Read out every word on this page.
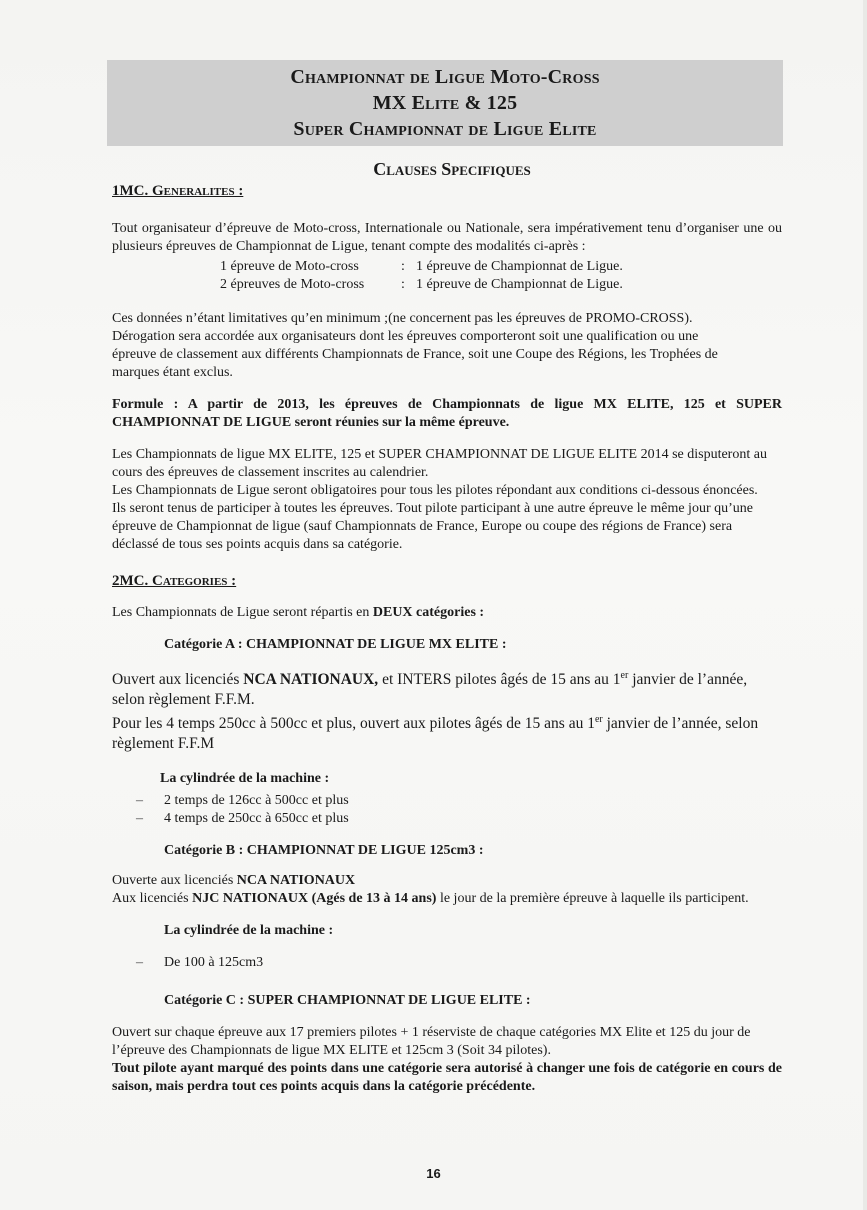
Championnat de Ligue Moto-Cross
MX Elite & 125
Super Championnat de Ligue Elite
Clauses Specifiques
1MC. Generalites :

Tout organisateur d’épreuve de Moto-cross, Internationale ou Nationale, sera impérativement tenu d’organiser une ou plusieurs épreuves de Championnat de Ligue, tenant compte des modalités ci-après :

1 épreuve de Moto-cross	: 1 épreuve de Championnat de Ligue.
2 épreuves de Moto-cross	: 1 épreuve de Championnat de Ligue.

Ces données n’étant limitatives qu’en minimum ;(ne concernent pas les épreuves de PROMO-CROSS). Dérogation sera accordée aux organisateurs dont les épreuves comporteront soit une qualification ou une épreuve de classement aux différents Championnats de France, soit une Coupe des Régions, les Trophées de marques étant exclus.

Formule : A partir de 2013, les épreuves de Championnats de ligue MX ELITE, 125 et SUPER CHAMPIONNAT DE LIGUE seront réunies sur la même épreuve.

Les Championnats de ligue MX ELITE, 125 et SUPER CHAMPIONNAT DE LIGUE ELITE 2014 se disputeront au cours des épreuves de classement inscrites au calendrier.

Les Championnats de Ligue seront obligatoires pour tous les pilotes répondant aux conditions ci-dessous énoncées.

Ils seront tenus de participer à toutes les épreuves. Tout pilote participant à une autre épreuve le même jour qu’une épreuve de Championnat de ligue (sauf Championnats de France, Europe ou coupe des régions de France) sera déclassé de tous ses points acquis dans sa catégorie.

2MC. Categories :

Les Championnats de Ligue seront répartis en DEUX catégories :

Catégorie A : CHAMPIONNAT DE LIGUE MX ELITE :

Ouvert aux licenciés NCA NATIONAUX, et INTERS pilotes âgés de 15 ans au 1er janvier de l’année, selon règlement F.F.M.

Pour les 4 temps 250cc à 500cc et plus, ouvert aux pilotes âgés de 15 ans au 1er janvier de l’année, selon règlement F.F.M

La cylindrée de la machine :
–	2 temps de 126cc à 500cc et plus
–	4 temps de 250cc à 650cc et plus
Catégorie B : CHAMPIONNAT DE LIGUE 125cm3 :

Ouverte aux licenciés NCA NATIONAUX

Aux licenciés NJC NATIONAUX (Agés de 13 à 14 ans) le jour de la première épreuve à laquelle ils participent.

La cylindrée de la machine :
–	De 100 à 125cm3
Catégorie C : SUPER CHAMPIONNAT DE LIGUE ELITE :

Ouvert sur chaque épreuve aux 17 premiers pilotes + 1 réserviste de chaque catégories MX Elite et 125 du jour de l’épreuve des Championnats de ligue MX ELITE et 125cm 3 (Soit 34 pilotes).

Tout pilote ayant marqué des points dans une catégorie sera autorisé à changer une fois de catégorie en cours de saison, mais perdra tout ces points acquis dans la catégorie précédente.

16
